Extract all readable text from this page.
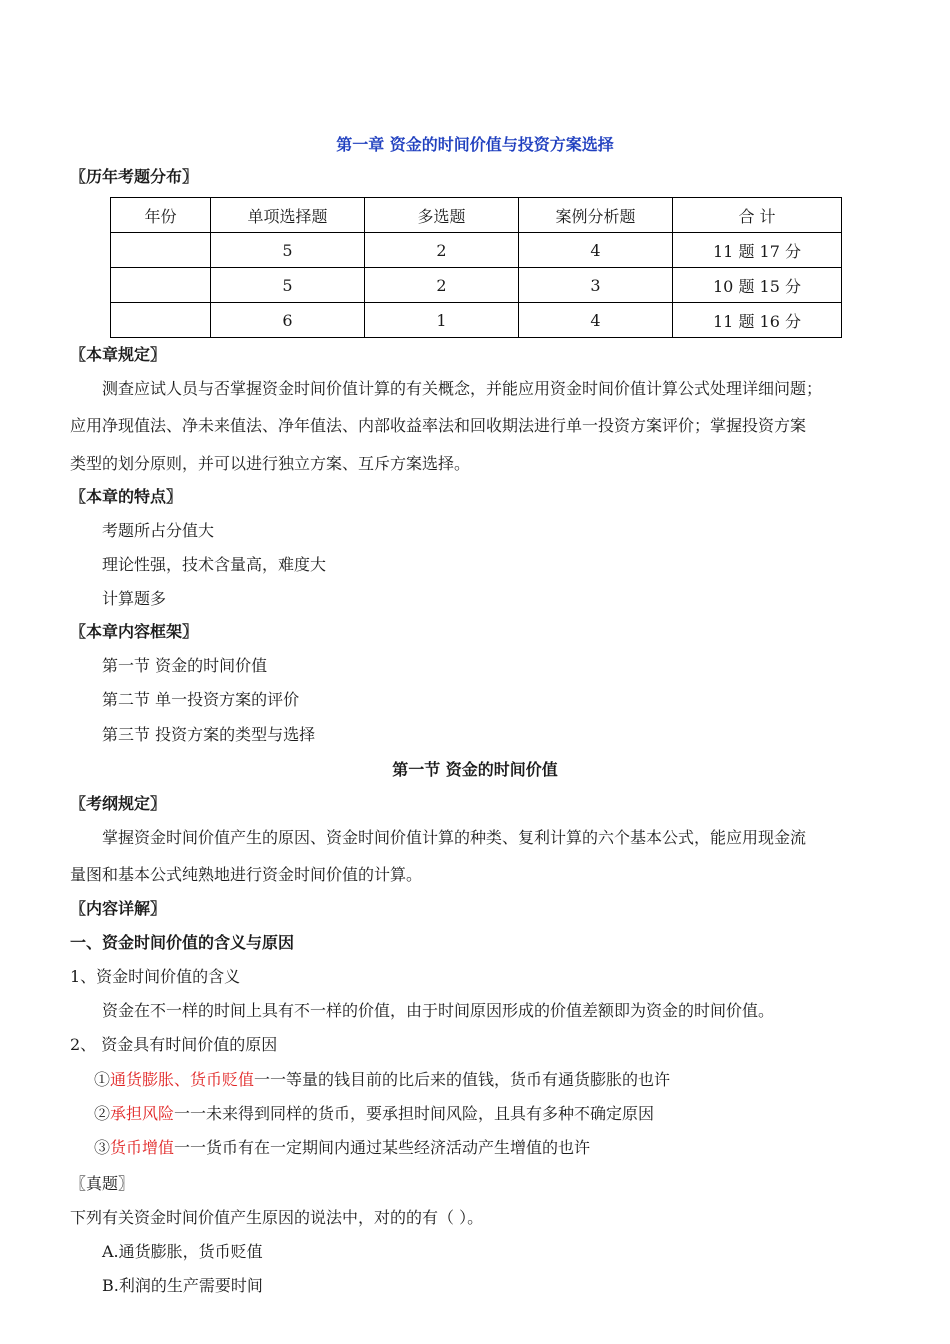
第一章 资金的时间价值与投资方案选择
〖历年考题分布〗
年份	单项选择题	多选题	案例分析题	合 计
	5	2	4	11 题 17 分
	5	2	3	10 题 15 分
	6	1	4	11 题 16 分
〖本章规定〗
测查应试人员与否掌握资金时间价值计算的有关概念，并能应用资金时间价值计算公式处理详细问题；
应用净现值法、净未来值法、净年值法、内部收益率法和回收期法进行单一投资方案评价；掌握投资方案
类型的划分原则，并可以进行独立方案、互斥方案选择。
〖本章的特点〗
考题所占分值大
理论性强，技术含量高，难度大
计算题多
〖本章内容框架〗
第一节 资金的时间价值
第二节 单一投资方案的评价
第三节 投资方案的类型与选择
第一节 资金的时间价值
〖考纲规定〗
掌握资金时间价值产生的原因、资金时间价值计算的种类、复利计算的六个基本公式，能应用现金流
量图和基本公式纯熟地进行资金时间价值的计算。
〖内容详解〗
一、资金时间价值的含义与原因
1、资金时间价值的含义
资金在不一样的时间上具有不一样的价值，由于时间原因形成的价值差额即为资金的时间价值。
2、 资金具有时间价值的原因
①通货膨胀、货币贬值一一等量的钱目前的比后来的值钱，货币有通货膨胀的也许
②承担风险一一未来得到同样的货币，要承担时间风险，且具有多种不确定原因
③货币增值一一货币有在一定期间内通过某些经济活动产生增值的也许
〖真题〗
下列有关资金时间价值产生原因的说法中，对的的有（ ）。
A.通货膨胀，货币贬值
B.利润的生产需要时间
